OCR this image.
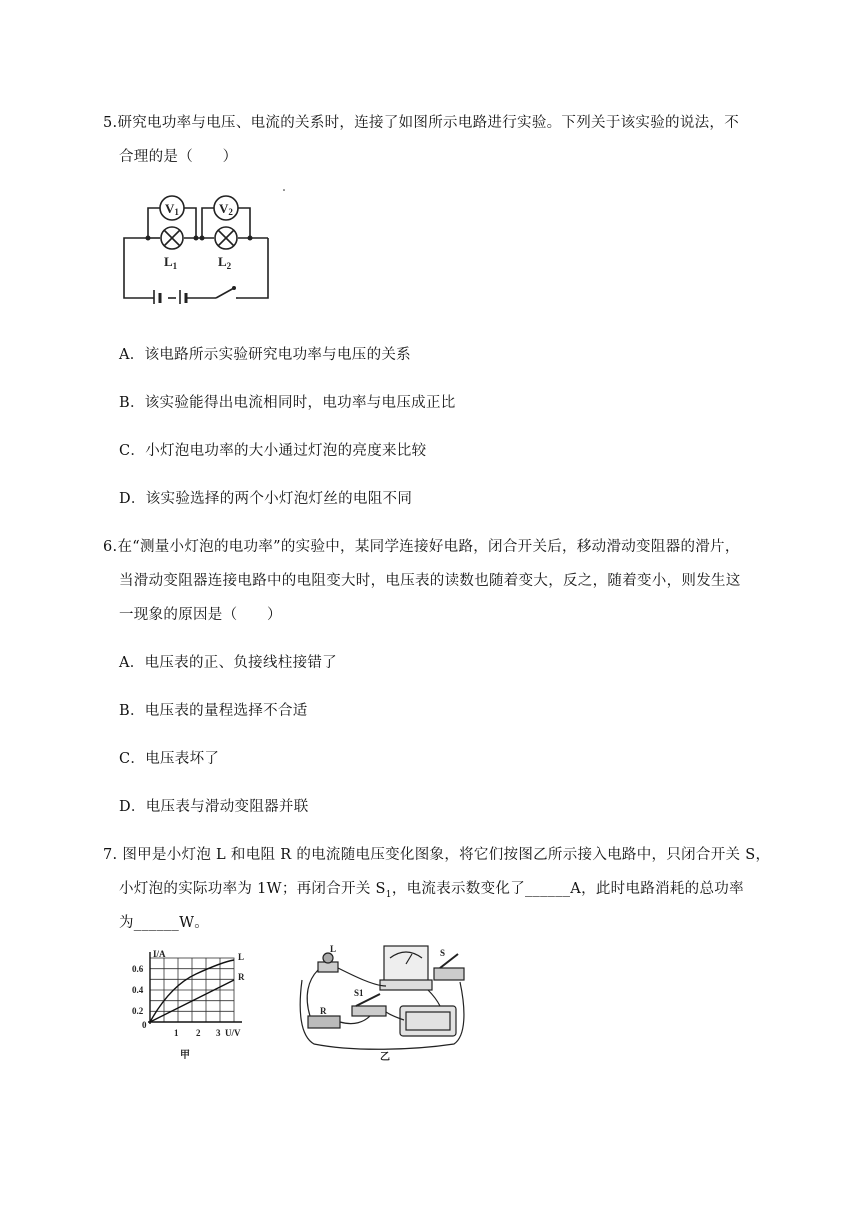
5.研究电功率与电压、电流的关系时，连接了如图所示电路进行实验。下列关于该实验的说法，不
合理的是（　　）
V1	V2
$L_1$	$L_2$
A．该电路所示实验研究电功率与电压的关系
B．该实验能得出电流相同时，电功率与电压成正比
C．小灯泡电功率的大小通过灯泡的亮度来比较
D．该实验选择的两个小灯泡灯丝的电阻不同
6.在“测量小灯泡的电功率”的实验中，某同学连接好电路，闭合开关后，移动滑动变阻器的滑片，
当滑动变阻器连接电路中的电阻变大时，电压表的读数也随着变大，反之，随着变小，则发生这
一现象的原因是（　　）
A．电压表的正、负接线柱接错了
B．电压表的量程选择不合适
C．电压表坏了
D．电压表与滑动变阻器并联
7. 图甲是小灯泡 L 和电阻 R 的电流随电压变化图象，将它们按图乙所示接入电路中，只闭合开关 S，
小灯泡的实际功率为 1W；再闭合开关 $S_1$，电流表示数变化了______A，此时电路消耗的总功率
为______W。
I/A
0.6
0.4
0.2
0
1 2 3 U/V
L
R
甲
L
S1
R
S
乙
